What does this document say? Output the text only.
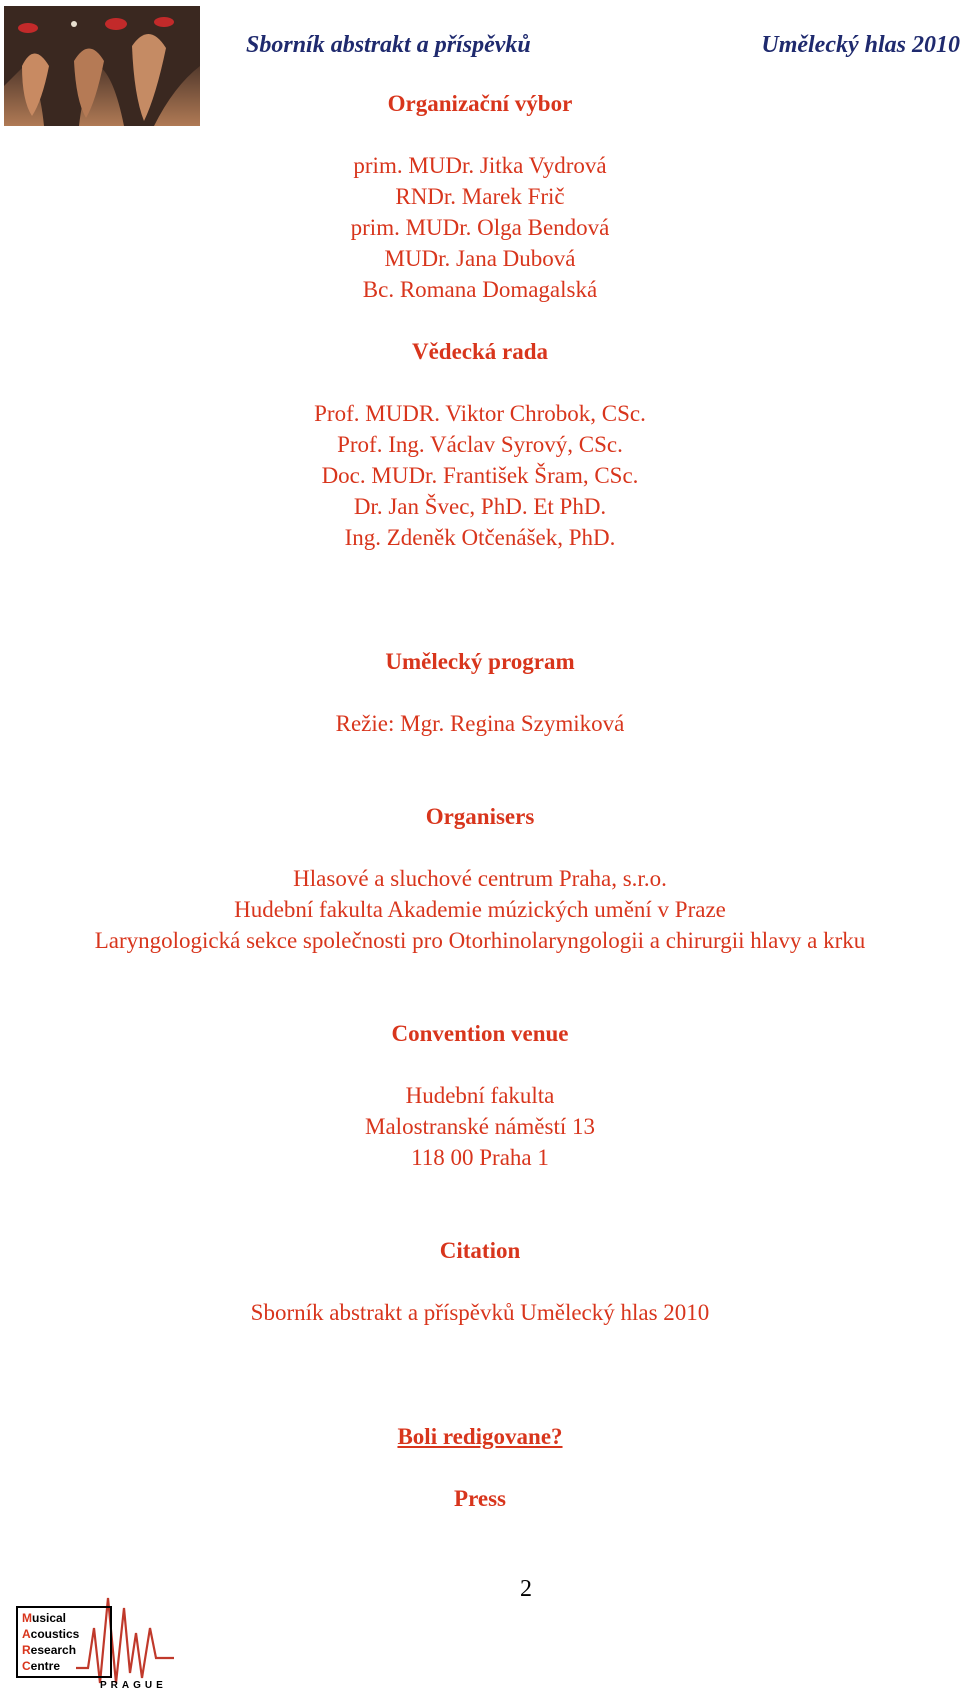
Sborník abstrakt a příspěvků	Umělecký hlas 2010

Organizační výbor

prim. MUDr. Jitka Vydrová

RNDr. Marek Frič

prim. MUDr. Olga Bendová

MUDr. Jana Dubová

Bc. Romana Domagalská

Vědecká rada

Prof. MUDR. Viktor Chrobok, CSc.

Prof. Ing. Václav Syrový, CSc.

Doc. MUDr. František Šram, CSc.

Dr. Jan Švec, PhD. Et PhD.

Ing. Zdeněk Otčenášek, PhD.

Umělecký program

Režie: Mgr. Regina Szymiková

Organisers

Hlasové a sluchové centrum Praha, s.r.o.

Hudební fakulta Akademie múzických umění v Praze

Laryngologická sekce společnosti pro Otorhinolaryngologii a chirurgii hlavy a krku

Convention venue

Hudební fakulta

Malostranské náměstí 13

118 00 Praha 1

Citation

Sborník abstrakt a příspěvků Umělecký hlas 2010

Boli redigovane?

Press

2
Musical
Acoustics
Research
Centre
PRAGUE
